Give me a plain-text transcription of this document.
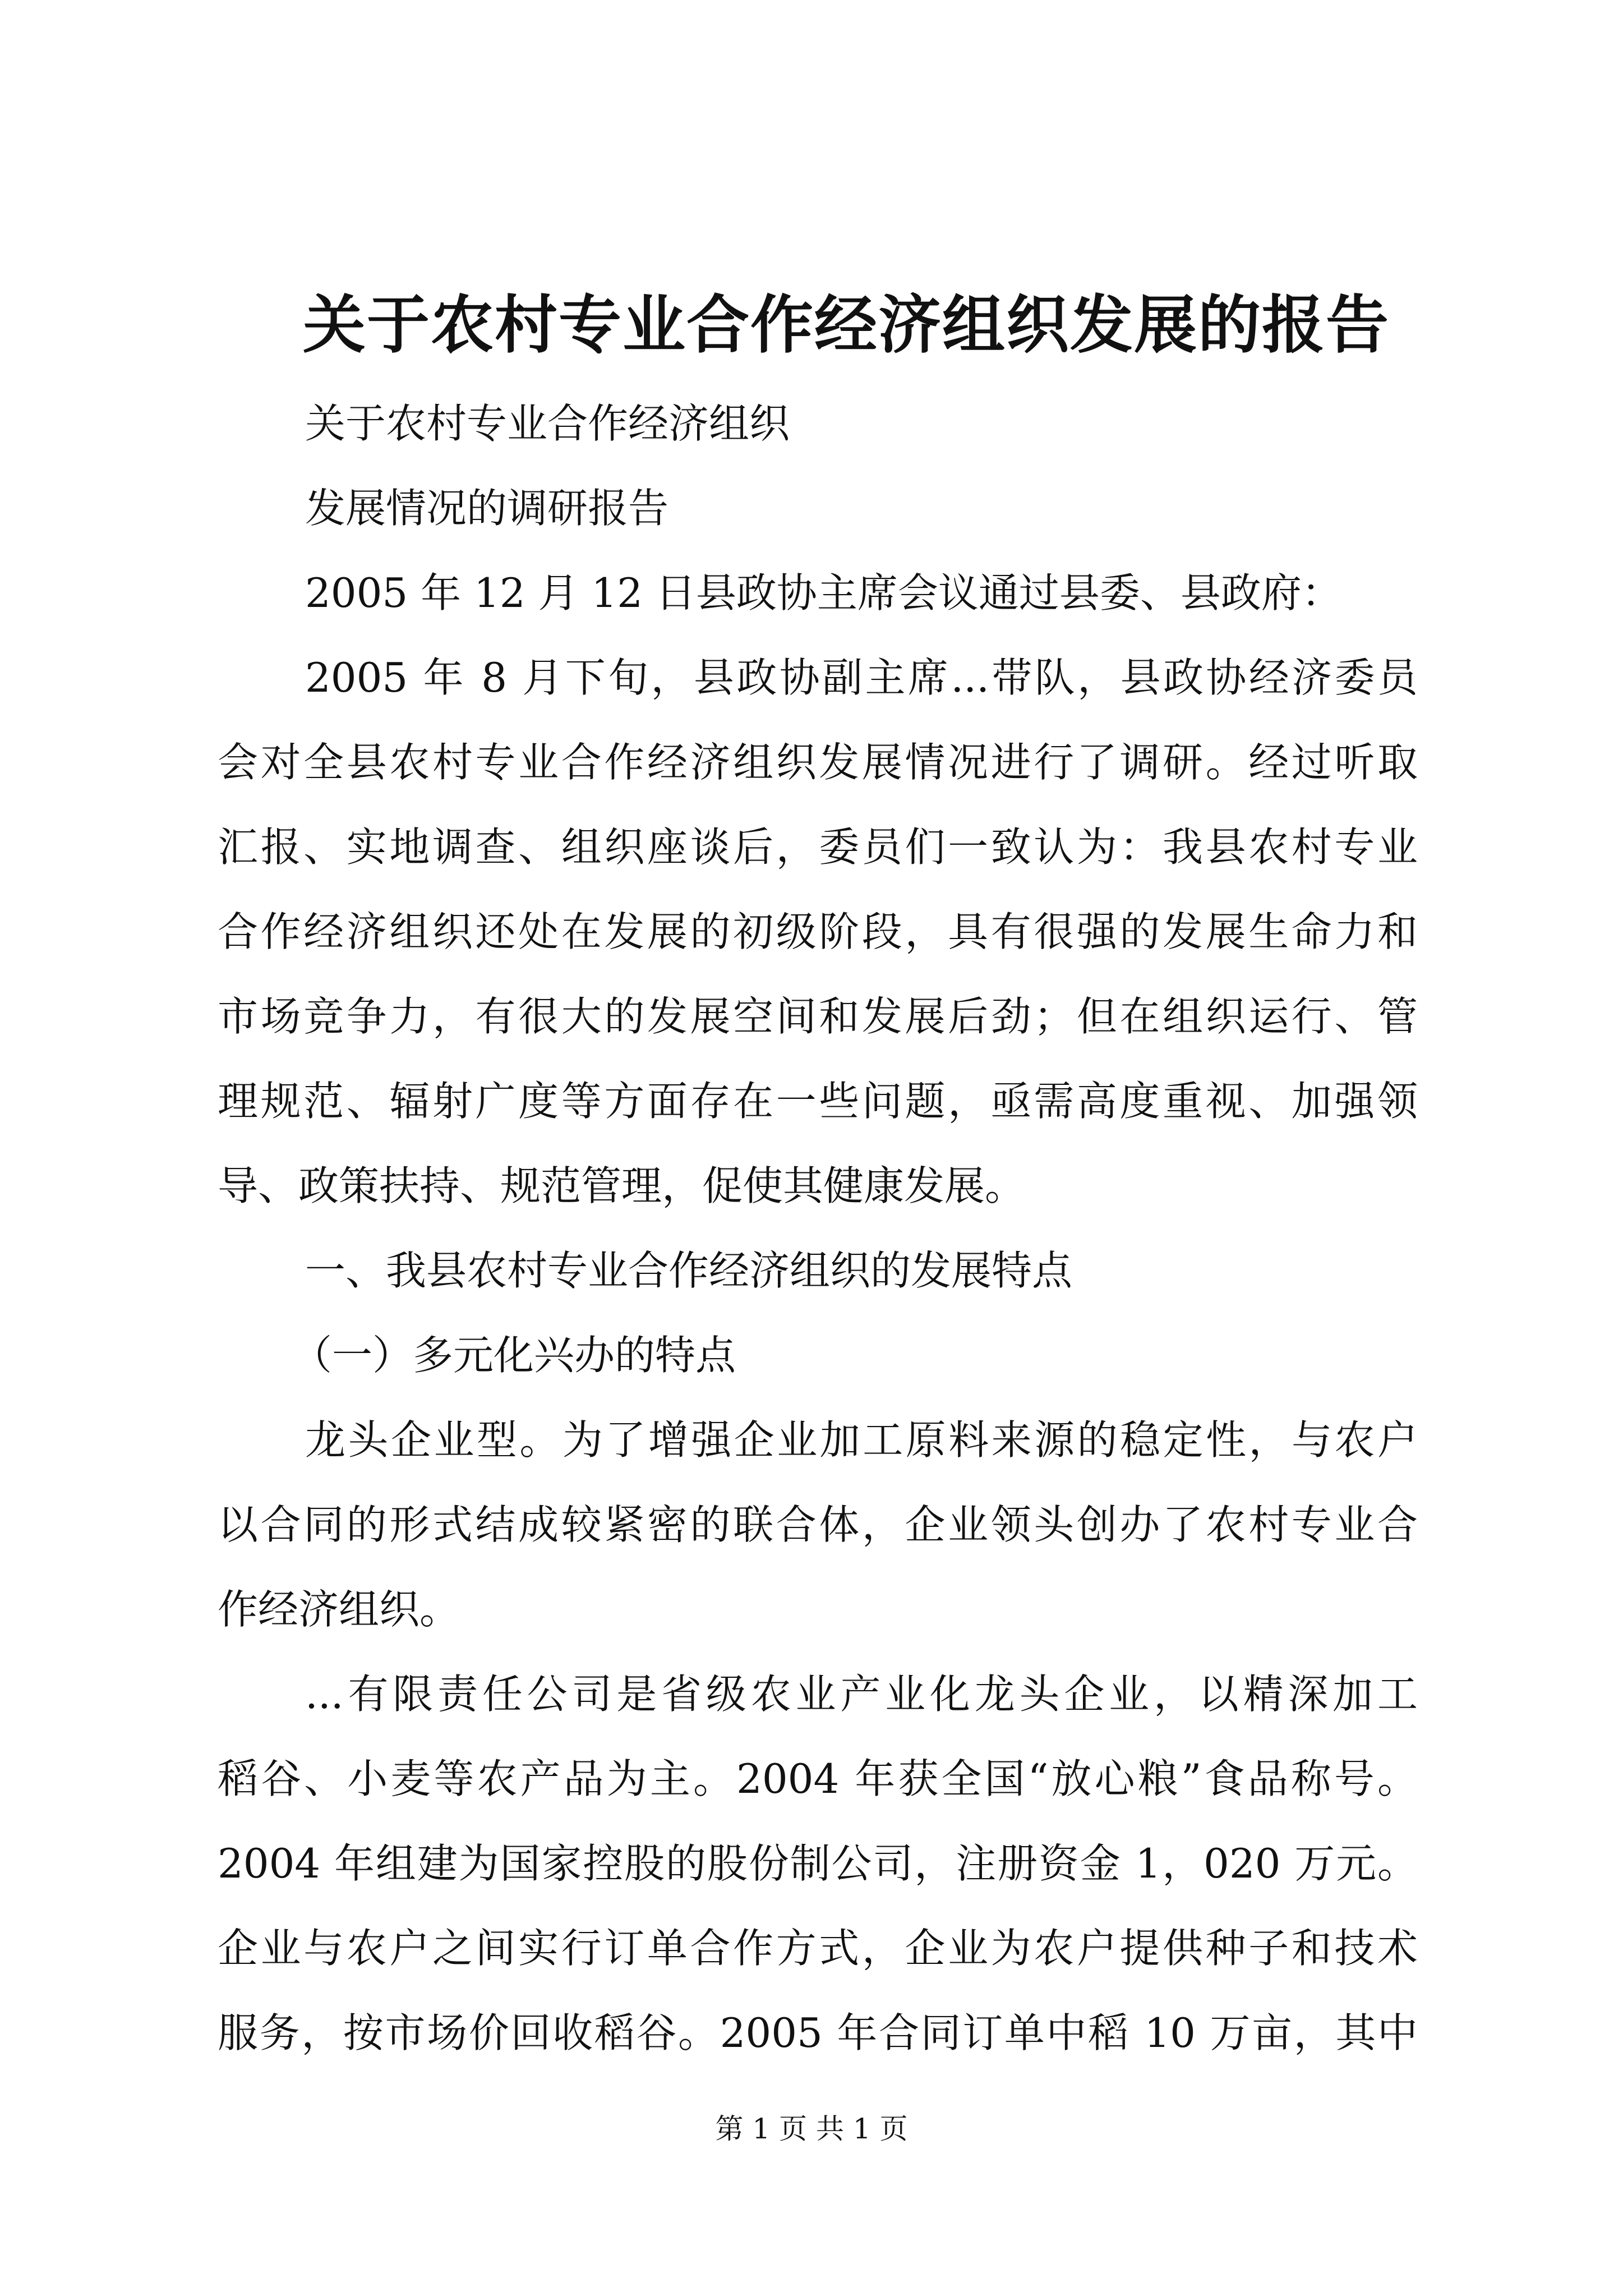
关于农村专业合作经济组织发展的报告
关于农村专业合作经济组织
发展情况的调研报告
2005 年 12 月 12 日县政协主席会议通过县委、县政府：
2005 年 8 月下旬，县政协副主席...带队，县政协经济委员
会对全县农村专业合作经济组织发展情况进行了调研。经过听取
汇报、实地调查、组织座谈后，委员们一致认为：我县农村专业
合作经济组织还处在发展的初级阶段，具有很强的发展生命力和
市场竞争力，有很大的发展空间和发展后劲；但在组织运行、管
理规范、辐射广度等方面存在一些问题，亟需高度重视、加强领
导、政策扶持、规范管理，促使其健康发展。
一、我县农村专业合作经济组织的发展特点
（一）多元化兴办的特点
龙头企业型。为了增强企业加工原料来源的稳定性，与农户
以合同的形式结成较紧密的联合体，企业领头创办了农村专业合
作经济组织。
...有限责任公司是省级农业产业化龙头企业，以精深加工
稻谷、小麦等农产品为主。2004 年获全国“放心粮”食品称号。
2004 年组建为国家控股的股份制公司，注册资金 1，020 万元。
企业与农户之间实行订单合作方式，企业为农户提供种子和技术
服务，按市场价回收稻谷。2005 年合同订单中稻 10 万亩，其中
第 1 页 共 1 页
